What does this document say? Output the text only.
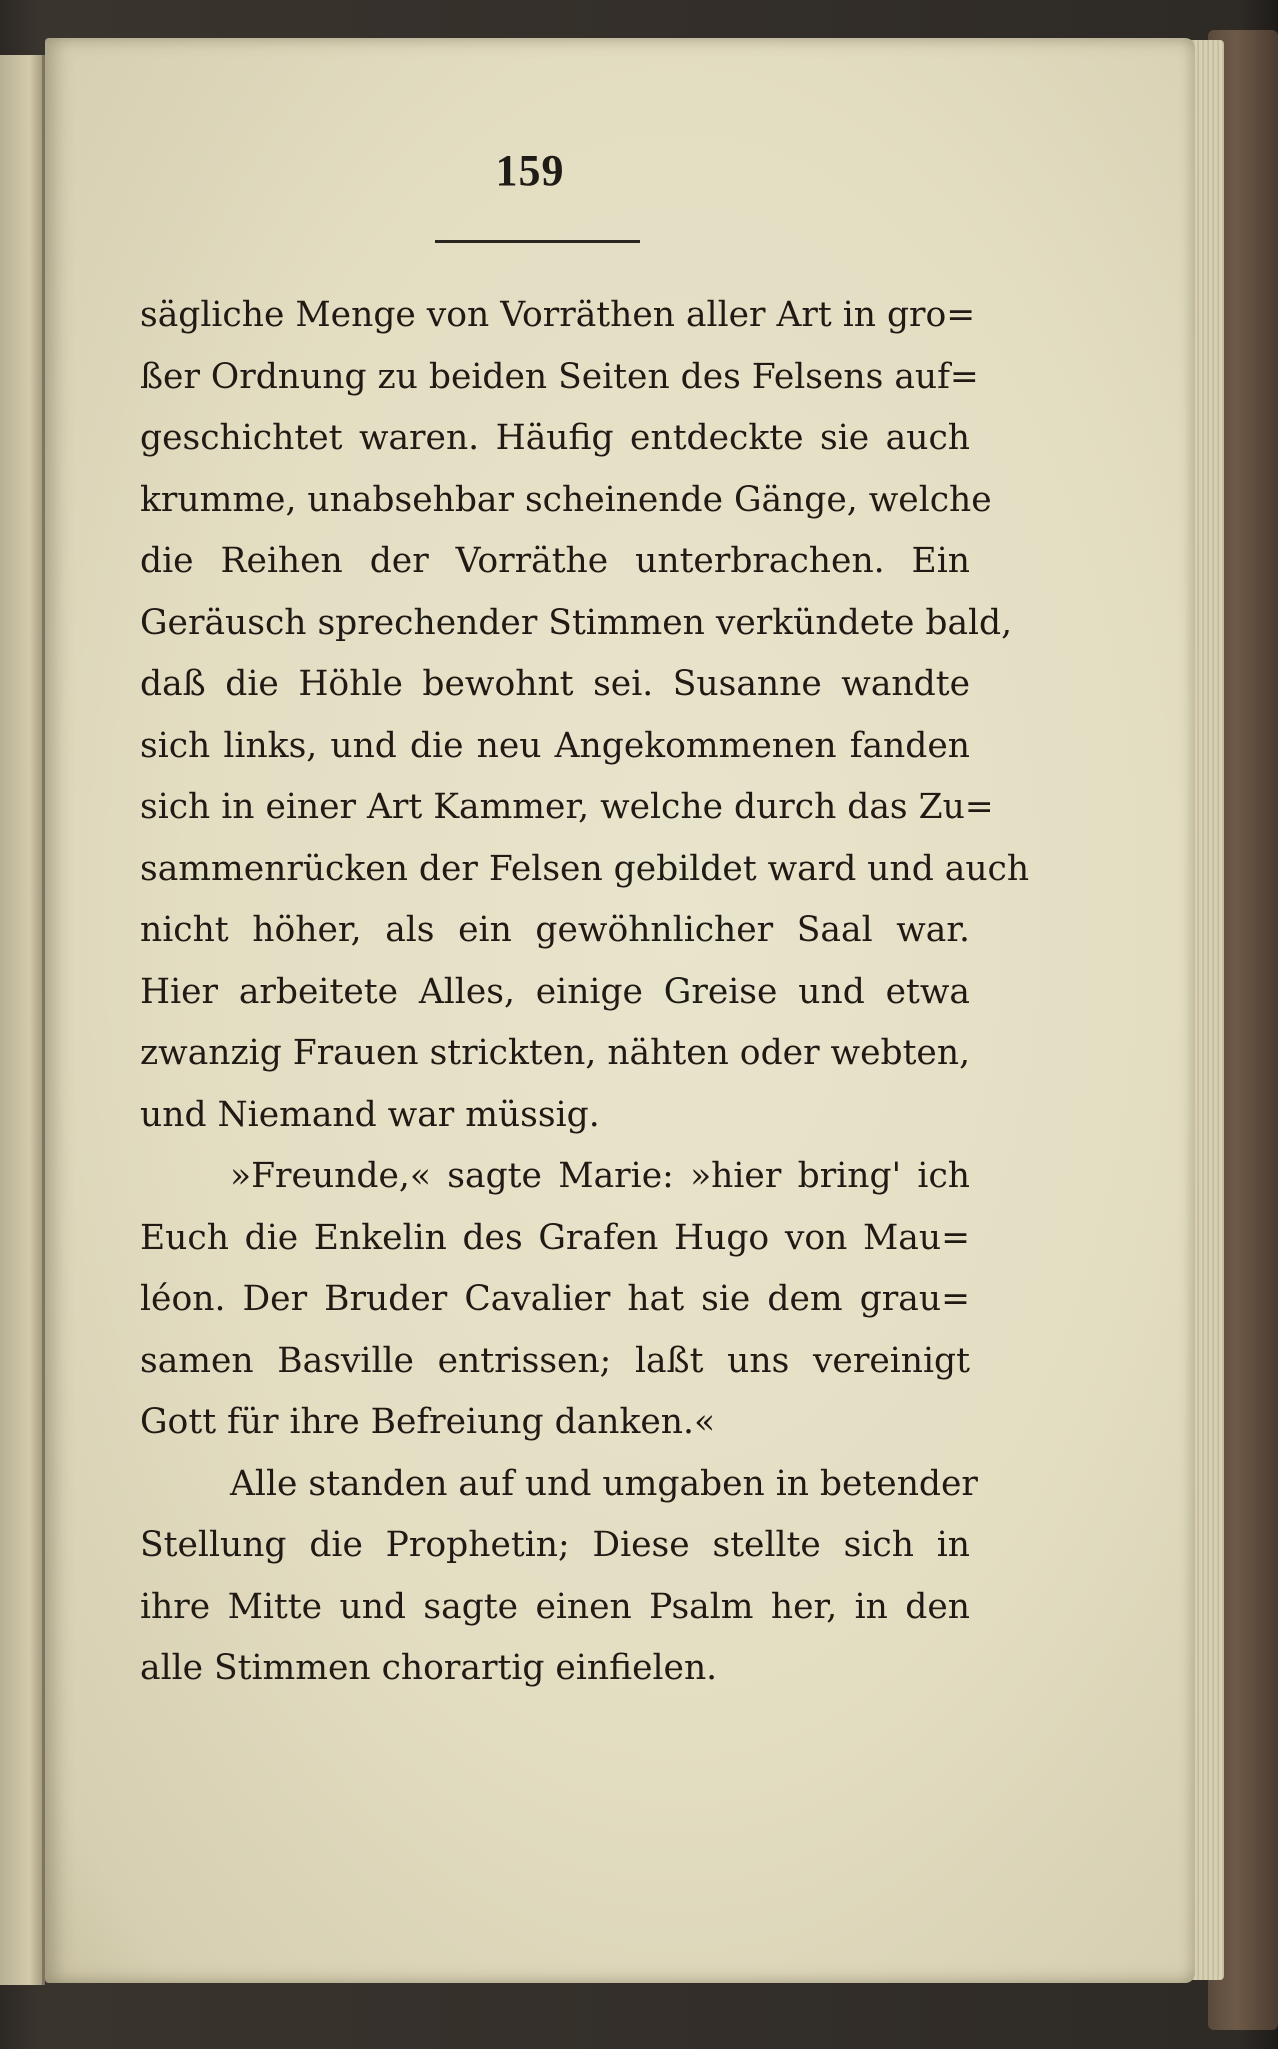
159
sägliche Menge von Vorräthen aller Art in gro=
ßer Ordnung zu beiden Seiten des Felsens auf=
geschichtet waren. Häufig entdeckte sie auch
krumme, unabsehbar scheinende Gänge, welche
die Reihen der Vorräthe unterbrachen. Ein
Geräusch sprechender Stimmen verkündete bald,
daß die Höhle bewohnt sei. Susanne wandte
sich links, und die neu Angekommenen fanden
sich in einer Art Kammer, welche durch das Zu=
sammenrücken der Felsen gebildet ward und auch
nicht höher, als ein gewöhnlicher Saal war.
Hier arbeitete Alles, einige Greise und etwa
zwanzig Frauen strickten, nähten oder webten,
und Niemand war müssig.
»Freunde,« sagte Marie: »hier bring' ich
Euch die Enkelin des Grafen Hugo von Mau=
léon. Der Bruder Cavalier hat sie dem grau=
samen Basville entrissen; laßt uns vereinigt
Gott für ihre Befreiung danken.«
Alle standen auf und umgaben in betender
Stellung die Prophetin; Diese stellte sich in
ihre Mitte und sagte einen Psalm her, in den
alle Stimmen chorartig einfielen.
